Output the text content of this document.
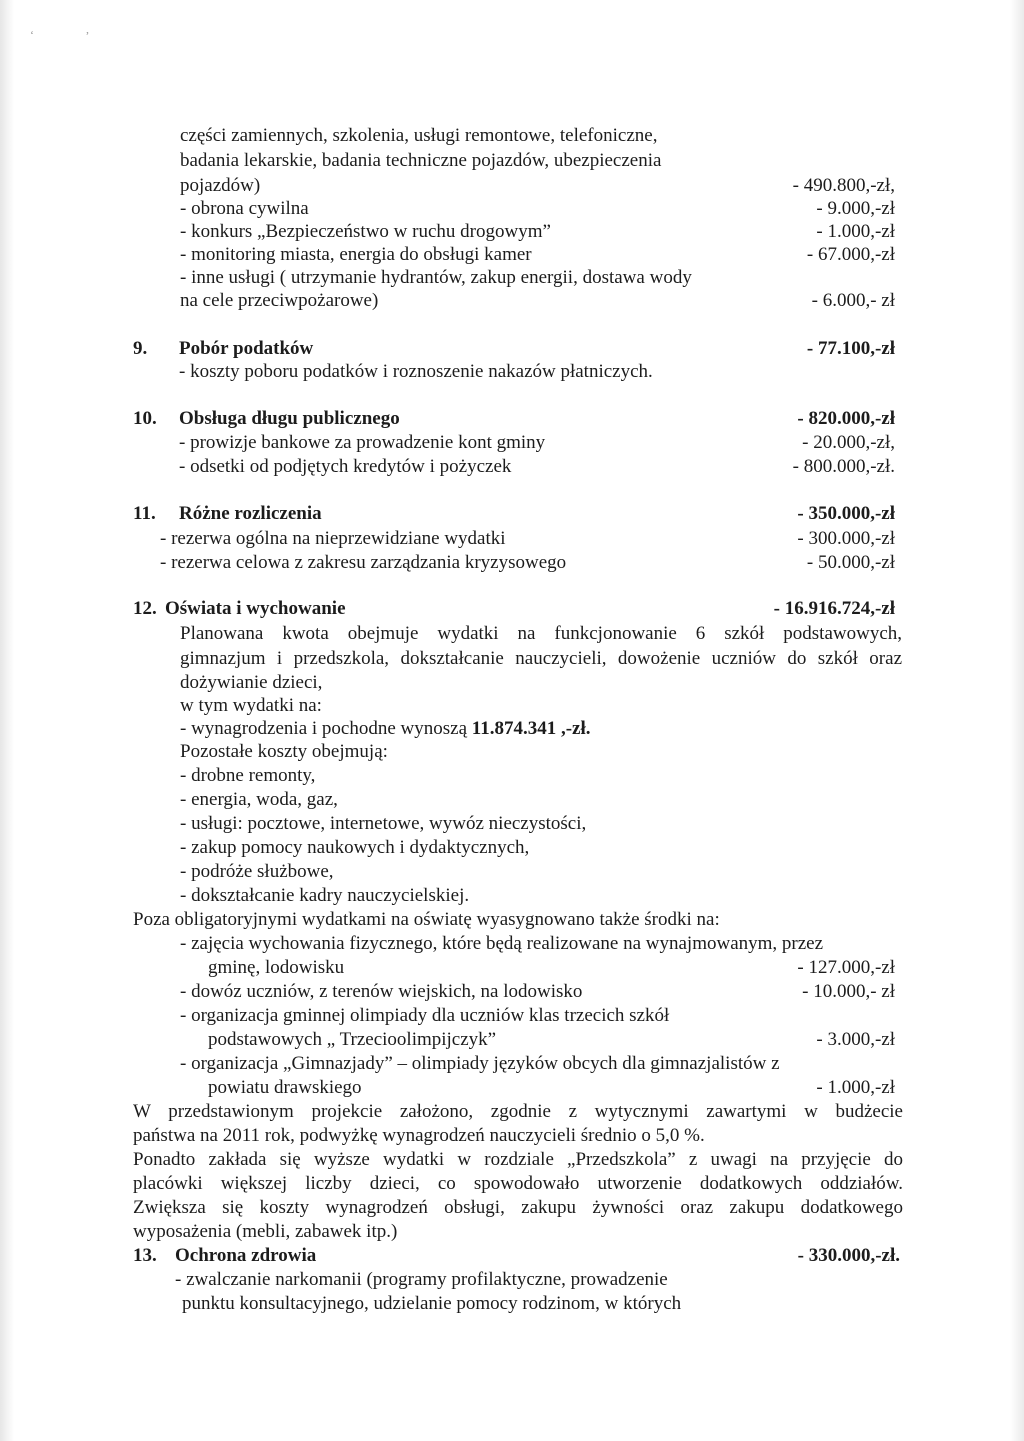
‘	,
części zamiennych, szkolenia, usługi remontowe, telefoniczne,
badania lekarskie, badania techniczne pojazdów, ubezpieczenia
pojazdów)	- 490.800,-zł,
- obrona cywilna	- 9.000,-zł
- konkurs „Bezpieczeństwo w ruchu drogowym”	- 1.000,-zł
- monitoring miasta, energia do obsługi kamer	- 67.000,-zł
- inne usługi ( utrzymanie hydrantów, zakup energii, dostawa wody
na cele przeciwpożarowe)	- 6.000,- zł
9. Pobór podatków	- 77.100,-zł
- koszty poboru podatków i roznoszenie nakazów płatniczych.
10. Obsługa długu publicznego	- 820.000,-zł
- prowizje bankowe za prowadzenie kont gminy	- 20.000,-zł,
- odsetki od podjętych kredytów i pożyczek	- 800.000,-zł.
11. Różne rozliczenia	- 350.000,-zł
- rezerwa ogólna na nieprzewidziane wydatki	- 300.000,-zł
- rezerwa celowa z zakresu zarządzania kryzysowego	- 50.000,-zł
12. Oświata i wychowanie	- 16.916.724,-zł
Planowana kwota obejmuje wydatki na funkcjonowanie 6 szkół podstawowych,
gimnazjum i przedszkola, dokształcanie nauczycieli, dowożenie uczniów do szkół oraz
dożywianie dzieci,
w tym wydatki na:
- wynagrodzenia i pochodne wynoszą 11.874.341 ,-zł.
Pozostałe koszty obejmują:
- drobne remonty,
- energia, woda, gaz,
- usługi: pocztowe, internetowe, wywóz nieczystości,
- zakup pomocy naukowych i dydaktycznych,
- podróże służbowe,
- dokształcanie kadry nauczycielskiej.
Poza obligatoryjnymi wydatkami na oświatę wyasygnowano także środki na:
- zajęcia wychowania fizycznego, które będą realizowane na wynajmowanym, przez
gminę, lodowisku	- 127.000,-zł
- dowóz uczniów, z terenów wiejskich, na lodowisko	- 10.000,- zł
- organizacja gminnej olimpiady dla uczniów klas trzecich szkół
podstawowych „ Trzecioolimpijczyk”	- 3.000,-zł
- organizacja „Gimnazjady” – olimpiady języków obcych dla gimnazjalistów z
powiatu drawskiego	- 1.000,-zł
W przedstawionym projekcie założono, zgodnie z wytycznymi zawartymi w budżecie
państwa na 2011 rok, podwyżkę wynagrodzeń nauczycieli średnio o 5,0 %.
Ponadto zakłada się wyższe wydatki w rozdziale „Przedszkola” z uwagi na przyjęcie do
placówki większej liczby dzieci, co spowodowało utworzenie dodatkowych oddziałów.
Zwiększa się koszty wynagrodzeń obsługi, zakupu żywności oraz zakupu dodatkowego
wyposażenia (mebli, zabawek itp.)
13. Ochrona zdrowia	- 330.000,-zł.
- zwalczanie narkomanii (programy profilaktyczne, prowadzenie
punktu konsultacyjnego, udzielanie pomocy rodzinom, w których
